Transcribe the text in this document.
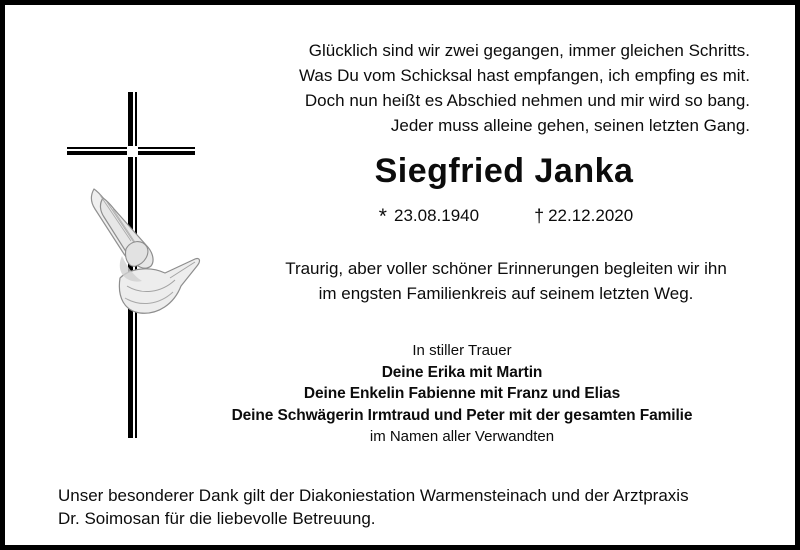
Glücklich sind wir zwei gegangen, immer gleichen Schritts.
Was Du vom Schicksal hast empfangen, ich empfing es mit.
Doch nun heißt es Abschied nehmen und mir wird so bang.
Jeder muss alleine gehen, seinen letzten Gang.
Siegfried Janka
* 23.08.1940	† 22.12.2020
Traurig, aber voller schöner Erinnerungen begleiten wir ihn
im engsten Familienkreis auf seinem letzten Weg.
In stiller Trauer
Deine Erika mit Martin
Deine Enkelin Fabienne mit Franz und Elias
Deine Schwägerin Irmtraud und Peter mit der gesamten Familie
im Namen aller Verwandten
Unser besonderer Dank gilt der Diakoniestation Warmensteinach und der Arztpraxis
Dr. Soimosan für die liebevolle Betreuung.
